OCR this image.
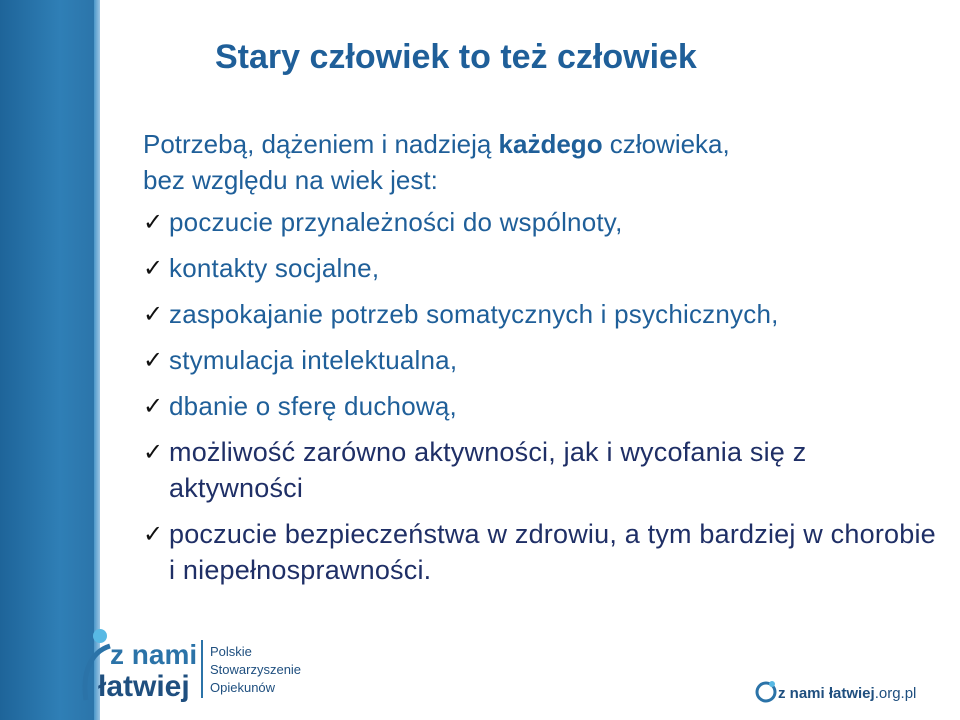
Stary człowiek to też człowiek
Potrzebą, dążeniem i nadzieją każdego człowieka,
bez względu na wiek jest:
✓ poczucie przynależności do wspólnoty,
✓ kontakty socjalne,
✓ zaspokajanie potrzeb somatycznych i psychicznych,
✓ stymulacja intelektualna,
✓ dbanie o sferę duchową,
✓ możliwość zarówno aktywności, jak i wycofania się z aktywności
✓ poczucie bezpieczeństwa w zdrowiu, a tym bardziej w chorobie i niepełnosprawności.
z nami
łatwiej
Polskie
Stowarzyszenie
Opiekunów	z nami łatwiej.org.pl
